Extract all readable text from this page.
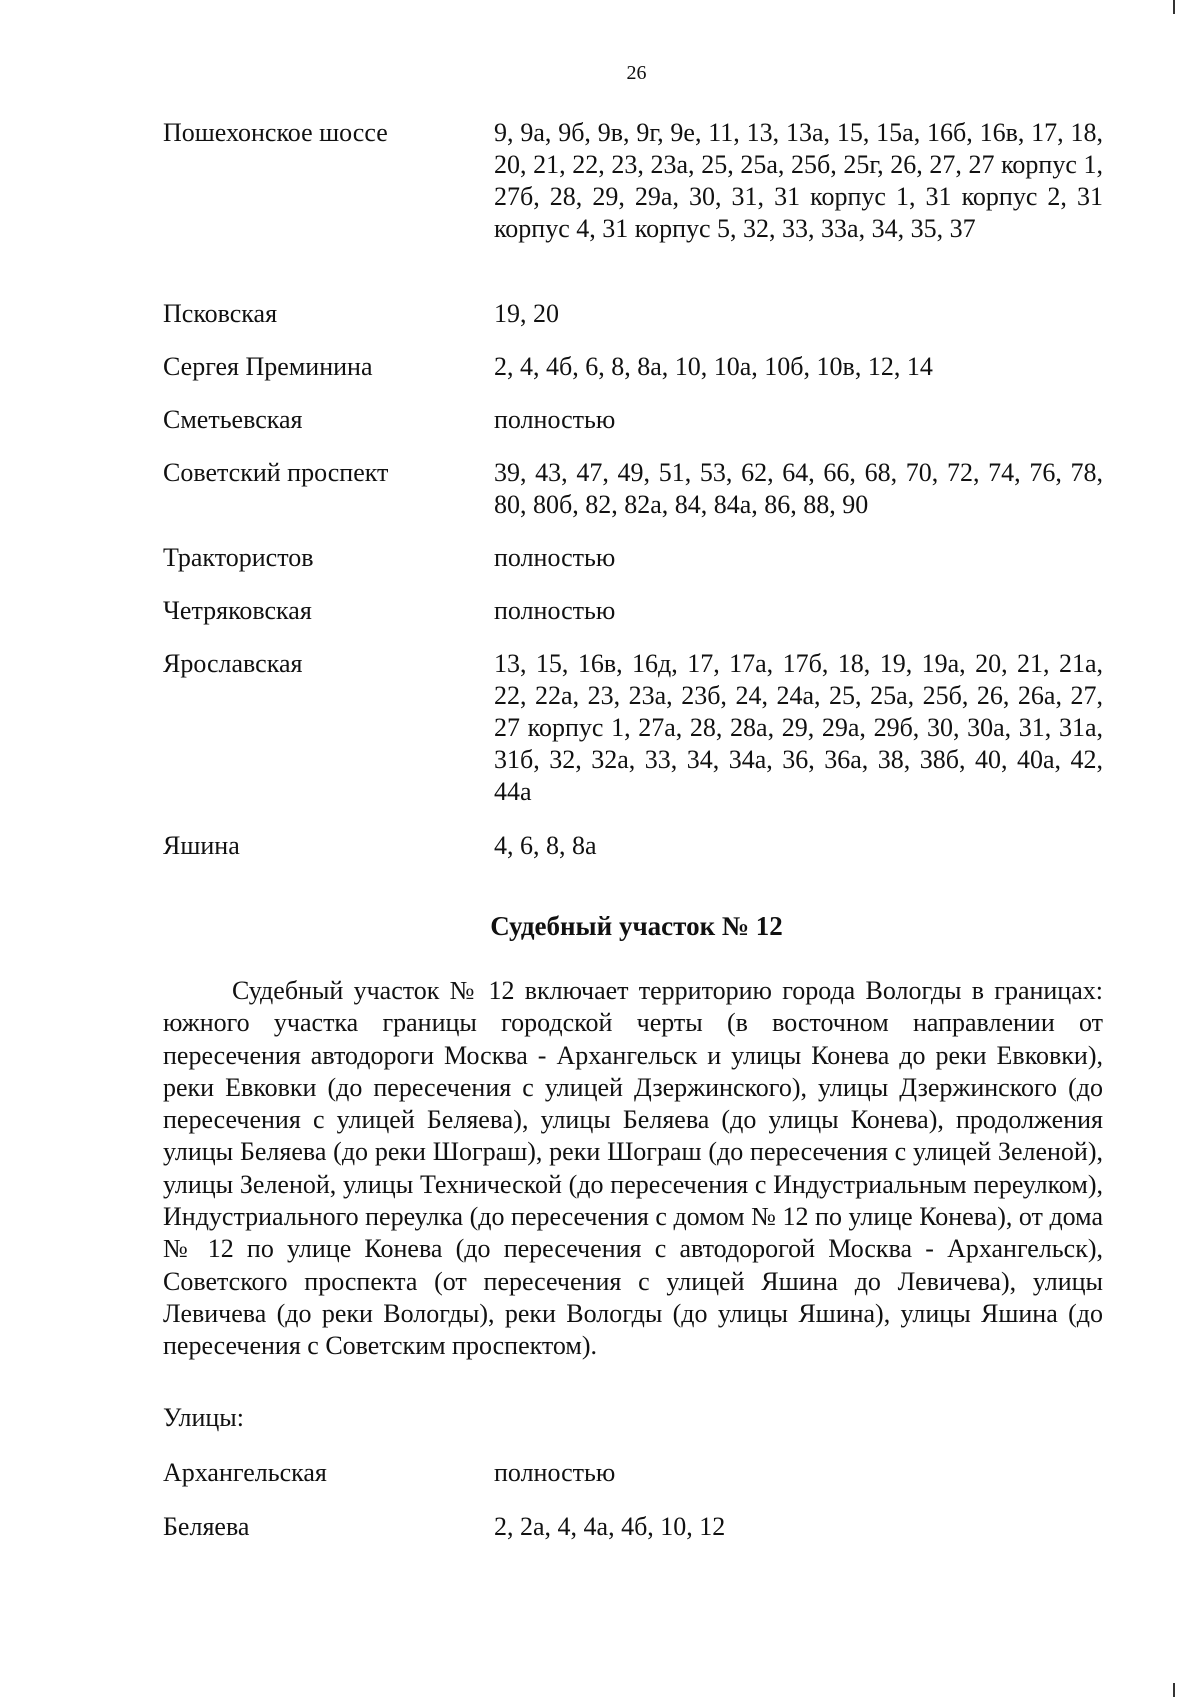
26
Пошехонское шоссе	9, 9а, 9б, 9в, 9г, 9е, 11, 13, 13а, 15, 15а, 16б, 16в, 17, 18, 20, 21, 22, 23, 23а, 25, 25а, 25б, 25г, 26, 27, 27 корпус 1, 27б, 28, 29, 29а, 30, 31, 31 корпус 1, 31 корпус 2, 31 корпус 4, 31 корпус 5, 32, 33, 33а, 34, 35, 37
Псковская	19, 20
Сергея Преминина	2, 4, 4б, 6, 8, 8а, 10, 10а, 10б, 10в, 12, 14
Сметьевская	полностью
Советский проспект	39, 43, 47, 49, 51, 53, 62, 64, 66, 68, 70, 72, 74, 76, 78, 80, 80б, 82, 82а, 84, 84а, 86, 88, 90
Трактористов	полностью
Четряковская	полностью
Ярославская	13, 15, 16в, 16д, 17, 17а, 17б, 18, 19, 19а, 20, 21, 21а, 22, 22а, 23, 23а, 23б, 24, 24а, 25, 25а, 25б, 26, 26а, 27, 27 корпус 1, 27а, 28, 28а, 29, 29а, 29б, 30, 30а, 31, 31а, 31б, 32, 32а, 33, 34, 34а, 36, 36а, 38, 38б, 40, 40а, 42, 44а
Яшина	4, 6, 8, 8а
Судебный участок № 12

Судебный участок № 12 включает территорию города Вологды в границах: южного участка границы городской черты (в восточном направлении от пересечения автодороги Москва - Архангельск и улицы Конева до реки Евковки), реки Евковки (до пересечения с улицей Дзержинского), улицы Дзержинского (до пересечения с улицей Беляева), улицы Беляева (до улицы Конева), продолжения улицы Беляева (до реки Шограш), реки Шограш (до пересечения с улицей Зеленой), улицы Зеленой, улицы Технической (до пересечения с Индустриальным переулком), Индустриального переулка (до пересечения с домом № 12 по улице Конева), от дома № 12 по улице Конева (до пересечения с автодорогой Москва - Архангельск), Советского проспекта (от пересечения с улицей Яшина до Левичева), улицы Левичева (до реки Вологды), реки Вологды (до улицы Яшина), улицы Яшина (до пересечения с Советским проспектом).

Улицы:
Архангельская	полностью
Беляева	2, 2а, 4, 4а, 4б, 10, 12
